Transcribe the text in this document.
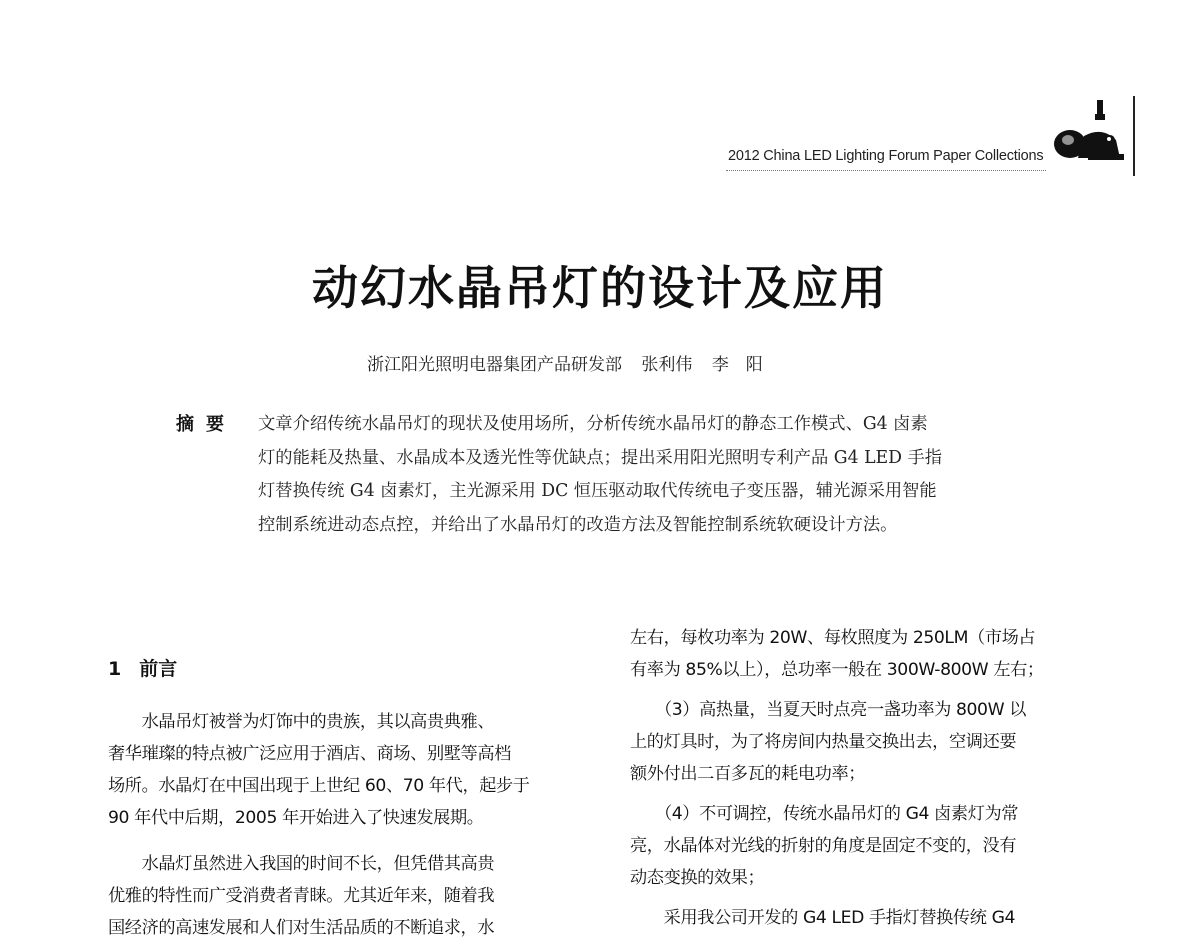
2012 China LED Lighting Forum Paper Collections
动幻水晶吊灯的设计及应用
浙江阳光照明电器集团产品研发部 张利伟 李　阳
摘要 文章介绍传统水晶吊灯的现状及使用场所，分析传统水晶吊灯的静态工作模式、G4 卤素
灯的能耗及热量、水晶成本及透光性等优缺点；提出采用阳光照明专利产品 G4 LED 手指
灯替换传统 G4 卤素灯，主光源采用 DC 恒压驱动取代传统电子变压器，辅光源采用智能
控制系统进动态点控，并给出了水晶吊灯的改造方法及智能控制系统软硬设计方法。
1 前言
　　水晶吊灯被誉为灯饰中的贵族，其以高贵典雅、
奢华璀璨的特点被广泛应用于酒店、商场、别墅等高档
场所。水晶灯在中国出现于上世纪 60、70 年代，起步于
90 年代中后期，2005 年开始进入了快速发展期。
　　水晶灯虽然进入我国的时间不长，但凭借其高贵
优雅的特性而广受消费者青睐。尤其近年来，随着我
国经济的高速发展和人们对生活品质的不断追求，水
左右，每枚功率为 20W、每枚照度为 250LM（市场占
有率为 85%以上），总功率一般在 300W-800W 左右；
　　（3）高热量，当夏天时点亮一盏功率为 800W 以
上的灯具时，为了将房间内热量交换出去，空调还要
额外付出二百多瓦的耗电功率；
　　（4）不可调控，传统水晶吊灯的 G4 卤素灯为常
亮，水晶体对光线的折射的角度是固定不变的，没有
动态变换的效果；
　　采用我公司开发的 G4 LED 手指灯替换传统 G4
